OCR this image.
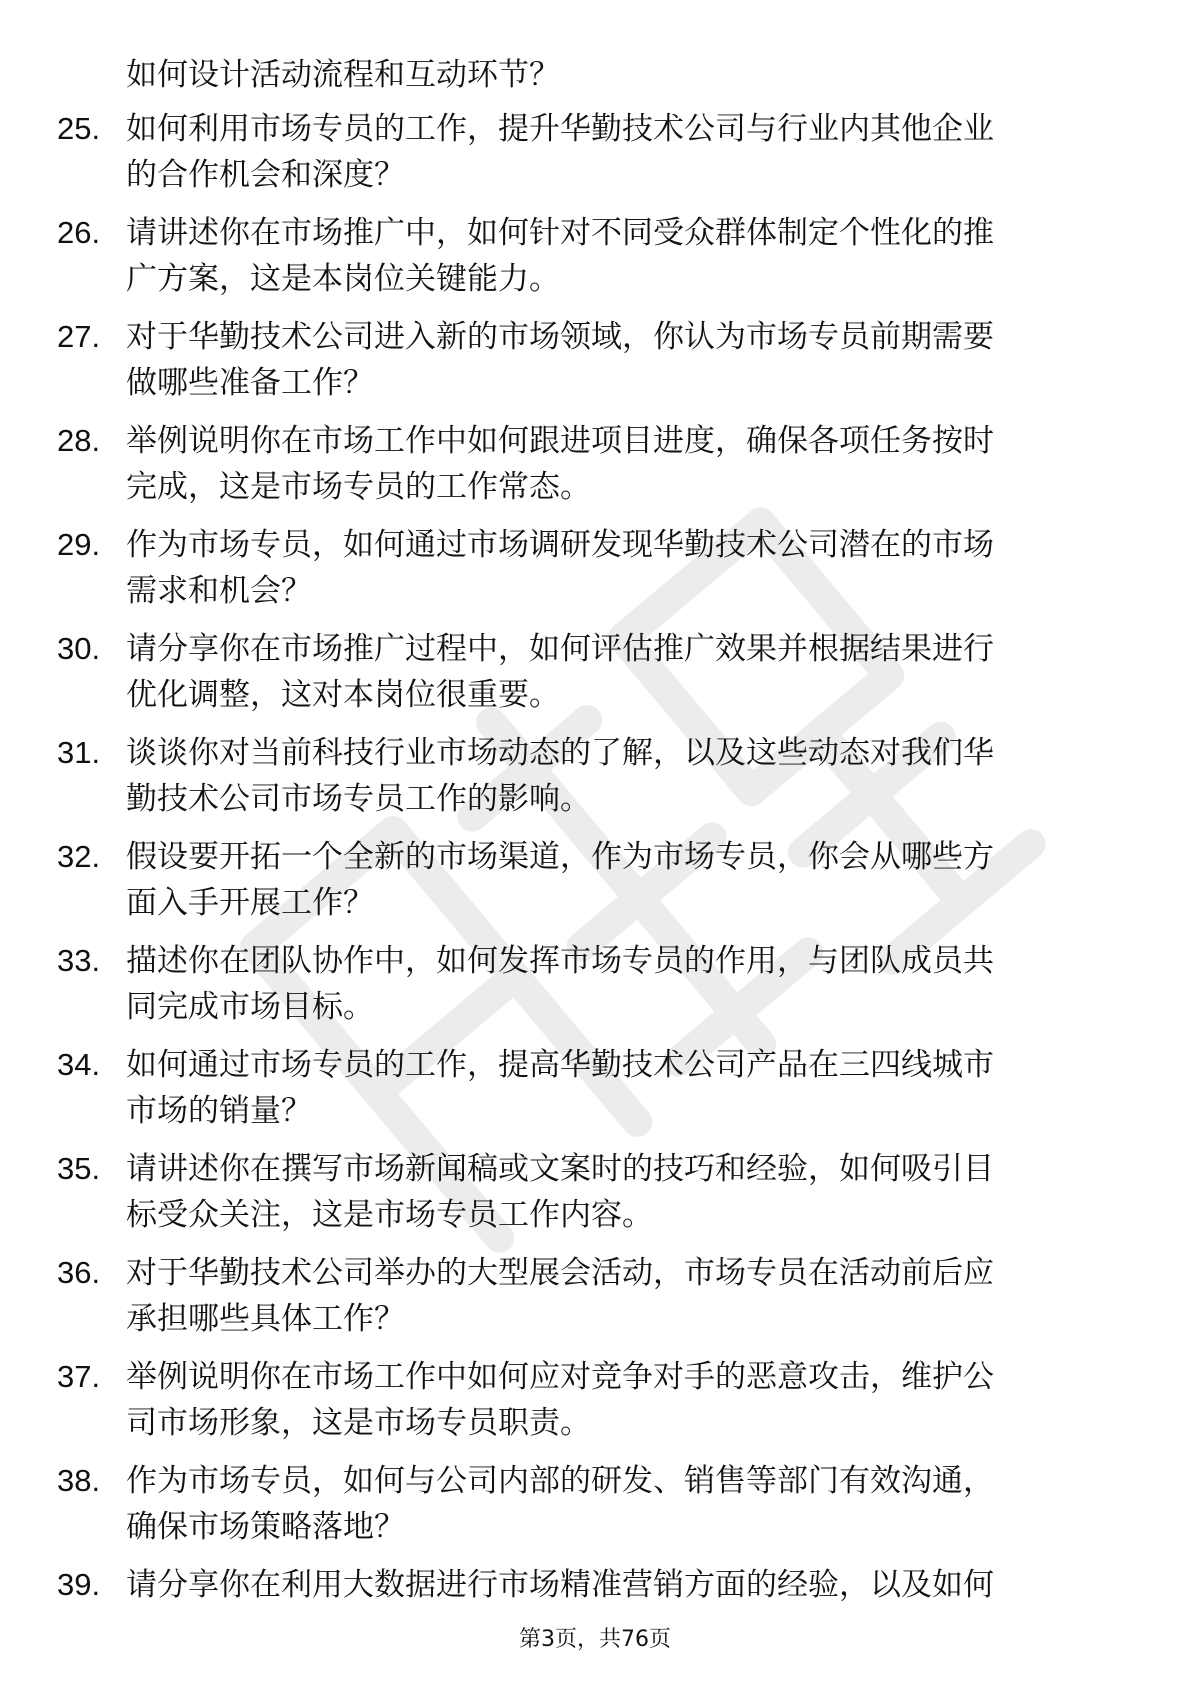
如何设计活动流程和互动环节？
25. 如何利用市场专员的工作，提升华勤技术公司与行业内其他企业
的合作机会和深度？
26. 请讲述你在市场推广中，如何针对不同受众群体制定个性化的推
广方案，这是本岗位关键能力。
27. 对于华勤技术公司进入新的市场领域，你认为市场专员前期需要
做哪些准备工作？
28. 举例说明你在市场工作中如何跟进项目进度，确保各项任务按时
完成，这是市场专员的工作常态。
29. 作为市场专员，如何通过市场调研发现华勤技术公司潜在的市场
需求和机会？
30. 请分享你在市场推广过程中，如何评估推广效果并根据结果进行
优化调整，这对本岗位很重要。
31. 谈谈你对当前科技行业市场动态的了解，以及这些动态对我们华
勤技术公司市场专员工作的影响。
32. 假设要开拓一个全新的市场渠道，作为市场专员，你会从哪些方
面入手开展工作？
33. 描述你在团队协作中，如何发挥市场专员的作用，与团队成员共
同完成市场目标。
34. 如何通过市场专员的工作，提高华勤技术公司产品在三四线城市
市场的销量？
35. 请讲述你在撰写市场新闻稿或文案时的技巧和经验，如何吸引目
标受众关注，这是市场专员工作内容。
36. 对于华勤技术公司举办的大型展会活动，市场专员在活动前后应
承担哪些具体工作？
37. 举例说明你在市场工作中如何应对竞争对手的恶意攻击，维护公
司市场形象，这是市场专员职责。
38. 作为市场专员，如何与公司内部的研发、销售等部门有效沟通，
确保市场策略落地？
39. 请分享你在利用大数据进行市场精准营销方面的经验，以及如何
第3页，共76页
